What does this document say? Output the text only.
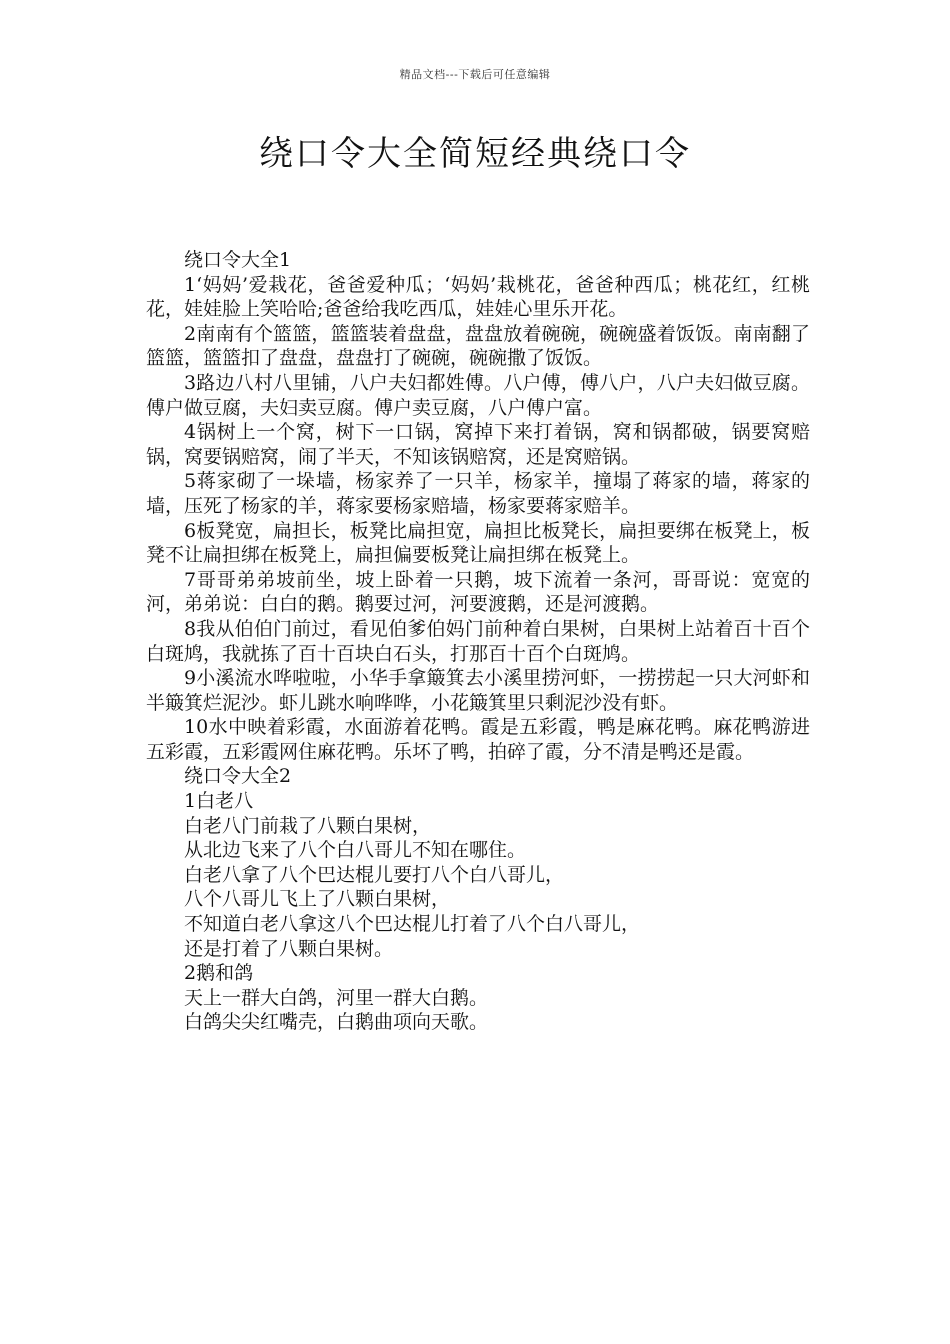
精品文档---下载后可任意编辑
绕口令大全简短经典绕口令

绕口令大全1

1‘妈妈’爱栽花，爸爸爱种瓜；‘妈妈’栽桃花，爸爸种西瓜；桃花红，红桃花，娃娃脸上笑哈哈;爸爸给我吃西瓜，娃娃心里乐开花。

2南南有个篮篮，篮篮装着盘盘，盘盘放着碗碗，碗碗盛着饭饭。南南翻了篮篮，篮篮扣了盘盘，盘盘打了碗碗，碗碗撒了饭饭。

3路边八村八里铺，八户夫妇都姓傅。八户傅，傅八户，八户夫妇做豆腐。傅户做豆腐，夫妇卖豆腐。傅户卖豆腐，八户傅户富。

4锅树上一个窝，树下一口锅，窝掉下来打着锅，窝和锅都破，锅要窝赔锅，窝要锅赔窝，闹了半天，不知该锅赔窝，还是窝赔锅。

5蒋家砌了一垛墙，杨家养了一只羊，杨家羊，撞塌了蒋家的墙，蒋家的墙，压死了杨家的羊，蒋家要杨家赔墙，杨家要蒋家赔羊。

6板凳宽，扁担长，板凳比扁担宽，扁担比板凳长，扁担要绑在板凳上，板凳不让扁担绑在板凳上，扁担偏要板凳让扁担绑在板凳上。

7哥哥弟弟坡前坐，坡上卧着一只鹅，坡下流着一条河，哥哥说：宽宽的河，弟弟说：白白的鹅。鹅要过河，河要渡鹅，还是河渡鹅。

8我从伯伯门前过，看见伯爹伯妈门前种着白果树，白果树上站着百十百个白斑鸠，我就拣了百十百块白石头，打那百十百个白斑鸠。

9小溪流水哗啦啦，小华手拿簸箕去小溪里捞河虾，一捞捞起一只大河虾和半簸箕烂泥沙。虾儿跳水响哗哗，小花簸箕里只剩泥沙没有虾。

10水中映着彩霞，水面游着花鸭。霞是五彩霞，鸭是麻花鸭。麻花鸭游进五彩霞，五彩霞网住麻花鸭。乐坏了鸭，拍碎了霞，分不清是鸭还是霞。

绕口令大全2

1白老八

白老八门前栽了八颗白果树，

从北边飞来了八个白八哥儿不知在哪住。

白老八拿了八个巴达棍儿要打八个白八哥儿，

八个八哥儿飞上了八颗白果树，

不知道白老八拿这八个巴达棍儿打着了八个白八哥儿，

还是打着了八颗白果树。

2鹅和鸽

天上一群大白鸽，河里一群大白鹅。

白鸽尖尖红嘴壳，白鹅曲项向天歌。
